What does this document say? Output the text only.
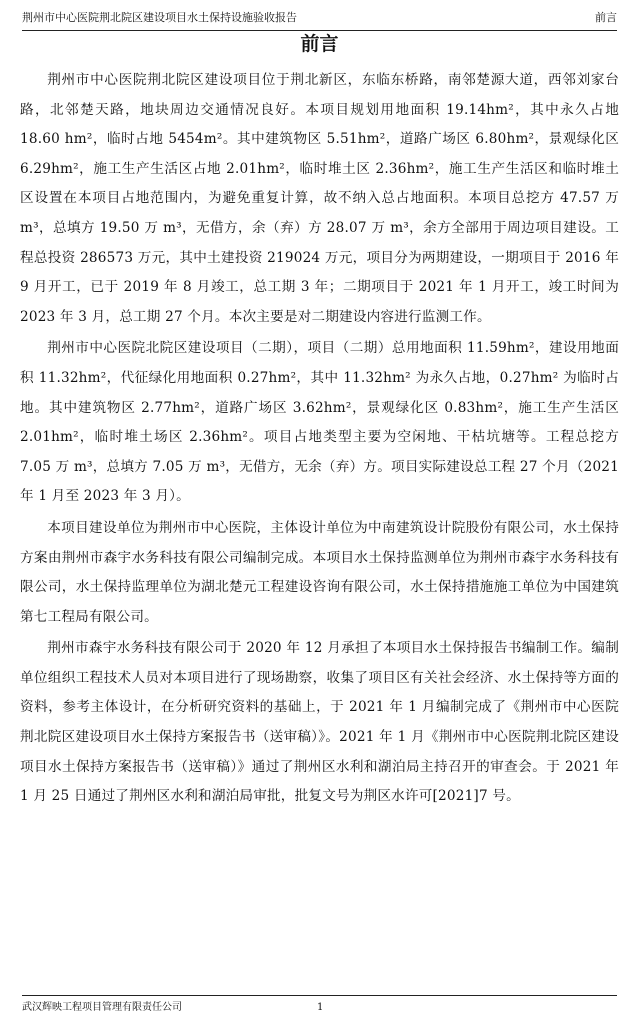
荆州市中心医院荆北院区建设项目水土保持设施验收报告	前言
前言

荆州市中心医院荆北院区建设项目位于荆北新区，东临东桥路，南邻楚源大道，西邻刘家台路，北邻楚天路，地块周边交通情况良好。本项目规划用地面积 19.14hm²，其中永久占地 18.60 hm²，临时占地 5454m²。其中建筑物区 5.51hm²，道路广场区 6.80hm²，景观绿化区 6.29hm²，施工生产生活区占地 2.01hm²，临时堆土区 2.36hm²，施工生产生活区和临时堆土区设置在本项目占地范围内，为避免重复计算，故不纳入总占地面积。本项目总挖方 47.57 万 m³，总填方 19.50 万 m³，无借方，余（弃）方 28.07 万 m³，余方全部用于周边项目建设。工程总投资 286573 万元，其中土建投资 219024 万元，项目分为两期建设，一期项目于 2016 年 9 月开工，已于 2019 年 8 月竣工，总工期 3 年；二期项目于 2021 年 1 月开工，竣工时间为 2023 年 3 月，总工期 27 个月。本次主要是对二期建设内容进行监测工作。

荆州市中心医院北院区建设项目（二期），项目（二期）总用地面积 11.59hm²，建设用地面积 11.32hm²，代征绿化用地面积 0.27hm²，其中 11.32hm² 为永久占地，0.27hm² 为临时占地。其中建筑物区 2.77hm²，道路广场区 3.62hm²，景观绿化区 0.83hm²，施工生产生活区 2.01hm²，临时堆土场区 2.36hm²。项目占地类型主要为空闲地、干枯坑塘等。工程总挖方 7.05 万 m³，总填方 7.05 万 m³，无借方，无余（弃）方。项目实际建设总工程 27 个月（2021 年 1 月至 2023 年 3 月）。

本项目建设单位为荆州市中心医院，主体设计单位为中南建筑设计院股份有限公司，水土保持方案由荆州市森宇水务科技有限公司编制完成。本项目水土保持监测单位为荆州市森宇水务科技有限公司，水土保持监理单位为湖北楚元工程建设咨询有限公司，水土保持措施施工单位为中国建筑第七工程局有限公司。

荆州市森宇水务科技有限公司于 2020 年 12 月承担了本项目水土保持报告书编制工作。编制单位组织工程技术人员对本项目进行了现场勘察，收集了项目区有关社会经济、水土保持等方面的资料，参考主体设计，在分析研究资料的基础上，于 2021 年 1 月编制完成了《荆州市中心医院荆北院区建设项目水土保持方案报告书（送审稿）》。2021 年 1 月《荆州市中心医院荆北院区建设项目水土保持方案报告书（送审稿）》通过了荆州区水利和湖泊局主持召开的审查会。于 2021 年 1 月 25 日通过了荆州区水利和湖泊局审批，批复文号为荆区水许可[2021]7 号。

武汉辉映工程项目管理有限责任公司	1
